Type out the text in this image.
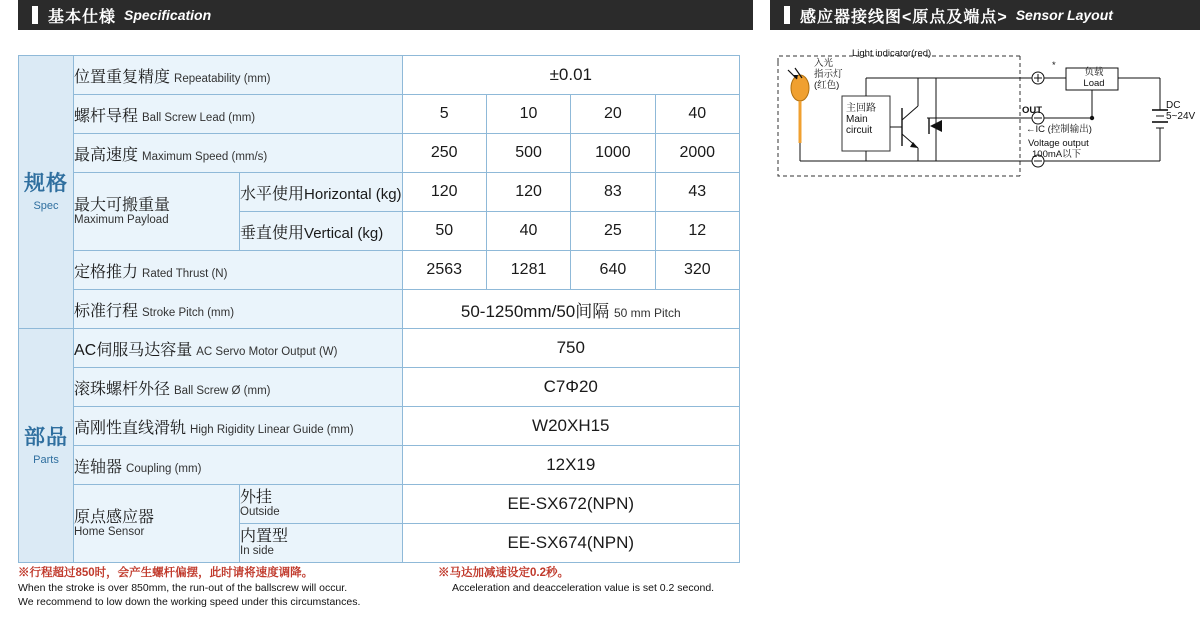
基本仕様 Specification	感应器接线图<原点及端点> Sensor Layout
规格
Spec	位置重复精度 Repeatability (mm)		±0.01			
	螺杆导程 Ball Screw Lead (mm)		5	10	20	40
	最高速度 Maximum Speed (mm/s)		250	500	1000	2000

	最大可搬重量
Maximum Payload	水平使用Horizontal (kg)	120	120	83	43
		垂直使用Vertical (kg)	50	40	25	12
	定格推力 Rated Thrust (N)		2563	1281	640	320
	标准行程 Stroke Pitch (mm)		50-1250mm/50间隔 50 mm Pitch			

部品
Parts	AC伺服马达容量 AC Servo Motor Output (W)		750			
	滚珠螺杆外径 Ball Screw Ø (mm)		C7Φ20			
	高刚性直线滑轨 High Rigidity Linear Guide (mm)		W20XH15			
	连轴器 Coupling (mm)		12X19			

	原点感应器
Home Sensor	外挂
Outside	EE-SX672(NPN)			

		内置型
In side	EE-SX674(NPN)			
※行程超过850时，会产生螺杆偏摆，此时请将速度调降。
When the stroke is over 850mm, the run-out of the ballscrew will occur.
We recommend to low down the working speed under this circumstances.
※马达加减速设定0.2秒。
Acceleration and deacceleration value is set 0.2 second.
入光
指示灯
(红色)
Light indicator(red)
主回路
Main
circuit
负载
Load
OUT
*
←IC (控制输出)
Voltage output
100mA以下
DC
5~24V
